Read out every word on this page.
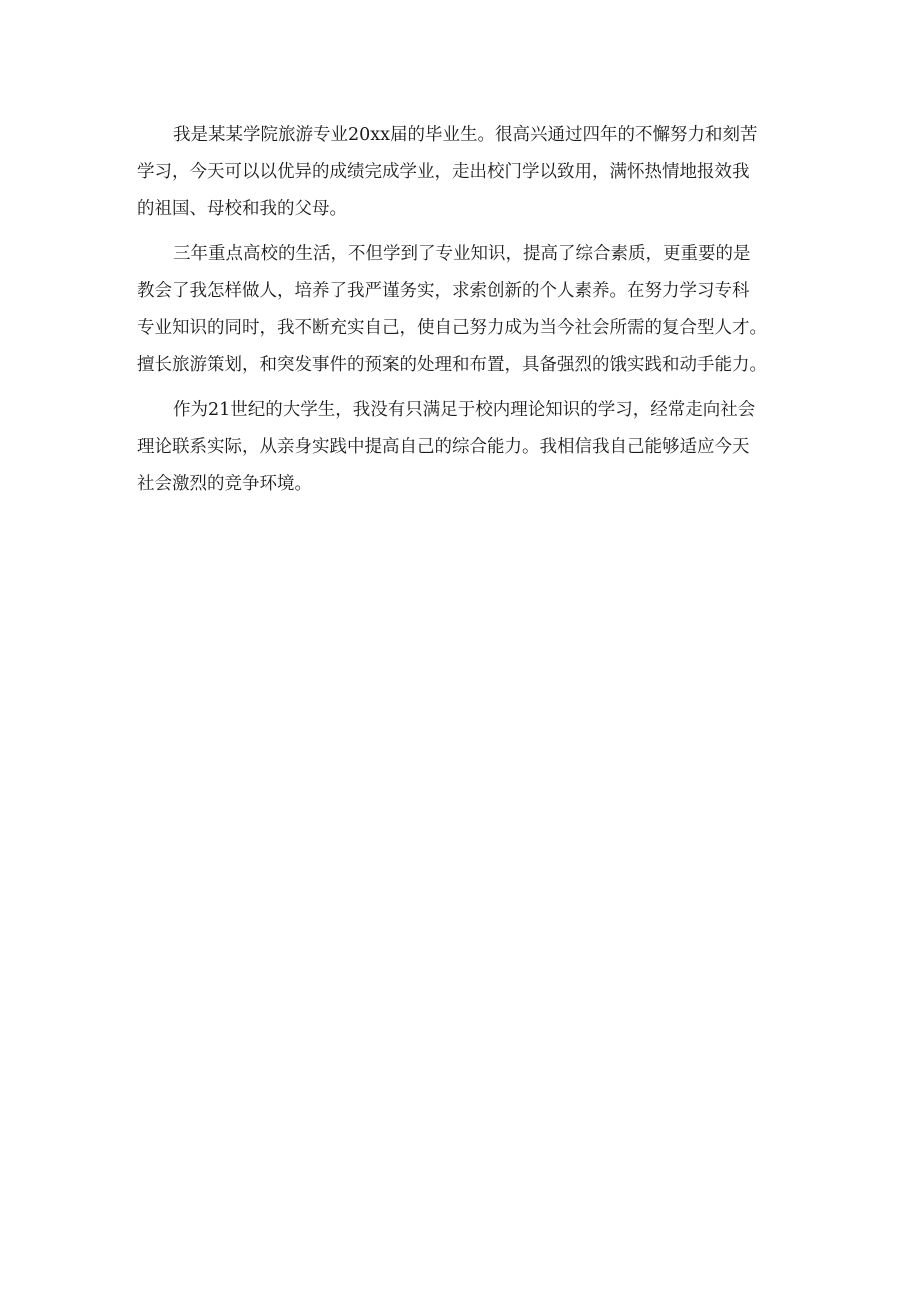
我是某某学院旅游专业20xx届的毕业生。很高兴通过四年的不懈努力和刻苦
学习，今天可以以优异的成绩完成学业，走出校门学以致用，满怀热情地报效我
的祖国、母校和我的父母。

三年重点高校的生活，不但学到了专业知识，提高了综合素质，更重要的是
教会了我怎样做人，培养了我严谨务实，求索创新的个人素养。在努力学习专科
专业知识的同时，我不断充实自己，使自己努力成为当今社会所需的复合型人才。
擅长旅游策划，和突发事件的预案的处理和布置，具备强烈的饿实践和动手能力。

作为21世纪的大学生，我没有只满足于校内理论知识的学习，经常走向社会
理论联系实际，从亲身实践中提高自己的综合能力。我相信我自己能够适应今天
社会激烈的竞争环境。
